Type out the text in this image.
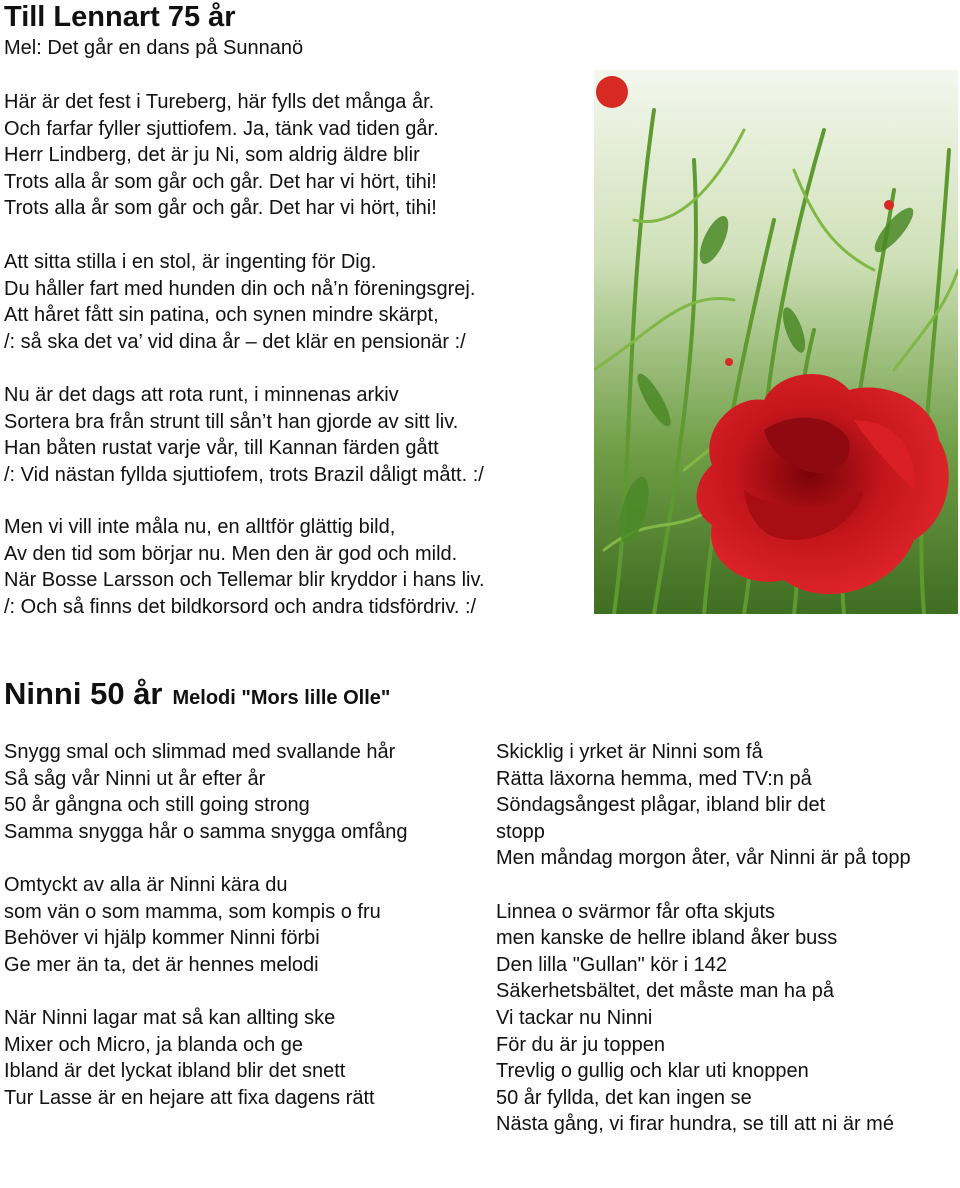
Till Lennart 75 år
Mel: Det går en dans på Sunnanö
Här är det fest i Tureberg, här fylls det många år.
Och farfar fyller sjuttiofem. Ja, tänk vad tiden går.
Herr Lindberg, det är ju Ni, som aldrig äldre blir
Trots alla år som går och går. Det har vi hört, tihi!
Trots alla år som går och går. Det har vi hört, tihi!
Att sitta stilla i en stol, är ingenting för Dig.
Du håller fart med hunden din och nå’n föreningsgrej.
Att håret fått sin patina, och synen mindre skärpt,
/: så ska det va’ vid dina år – det klär en pensionär :/
Nu är det dags att rota runt, i minnenas arkiv
Sortera bra från strunt till sån’t han gjorde av sitt liv.
Han båten rustat varje vår, till Kannan färden gått
/: Vid nästan fyllda sjuttiofem, trots Brazil dåligt mått. :/
Men vi vill inte måla nu, en alltför glättig bild,
Av den tid som börjar nu. Men den är god och mild.
När Bosse Larsson och Tellemar blir kryddor i hans liv.
/: Och så finns det bildkorsord och andra tidsfördriv. :/
Ninni 50 år Melodi "Mors lille Olle"
Snygg smal och slimmad med svallande hår
Så såg vår Ninni ut år efter år
50 år gångna och still going strong
Samma snygga hår o samma snygga omfång
Omtyckt av alla är Ninni kära du
som vän o som mamma, som kompis o fru
Behöver vi hjälp kommer Ninni förbi
Ge mer än ta, det är hennes melodi
När Ninni lagar mat så kan allting ske
Mixer och Micro, ja blanda och ge
Ibland är det lyckat ibland blir det snett
Tur Lasse är en hejare att fixa dagens rätt
Skicklig i yrket är Ninni som få
Rätta läxorna hemma, med TV:n på
Söndagsångest plågar, ibland blir det stopp
Men måndag morgon åter, vår Ninni är på topp
Linnea o svärmor får ofta skjuts
men kanske de hellre ibland åker buss
Den lilla "Gullan" kör i 142
Säkerhetsbältet, det måste man ha på
Vi tackar nu Ninni
För du är ju toppen
Trevlig o gullig och klar uti knoppen
50 år fyllda, det kan ingen se
Nästa gång, vi firar hundra, se till att ni är mé
